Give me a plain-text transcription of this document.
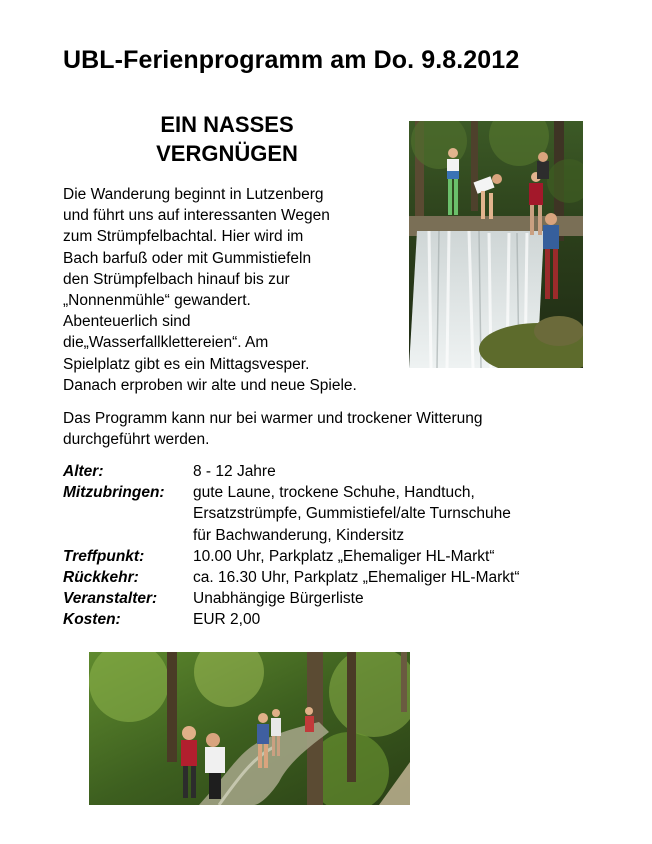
UBL-Ferienprogramm am Do. 9.8.2012
EIN NASSES
VERGNÜGEN

Die Wanderung beginnt in Lutzenberg

und führt uns auf interessanten Wegen

zum Strümpfelbachtal. Hier wird im

Bach barfuß oder mit Gummistiefeln

den Strümpfelbach hinauf bis zur

„Nonnenmühle“ gewandert.

Abenteuerlich sind

die„Wasserfallklettereien“. Am

Spielplatz gibt es ein Mittagsvesper.

Danach erproben wir alte und neue Spiele.

Das Programm kann nur bei warmer und trockener Witterung
durchgeführt werden.
Alter:	8 - 12 Jahre
Mitzubringen:	gute Laune, trockene Schuhe, Handtuch,
Ersatzstrümpfe, Gummistiefel/alte Turnschuhe
für Bachwanderung, Kindersitz
Treffpunkt:	10.00 Uhr, Parkplatz „Ehemaliger HL-Markt“
Rückkehr:	ca. 16.30 Uhr, Parkplatz „Ehemaliger HL-Markt“
Veranstalter:	Unabhängige Bürgerliste
Kosten:	EUR 2,00
